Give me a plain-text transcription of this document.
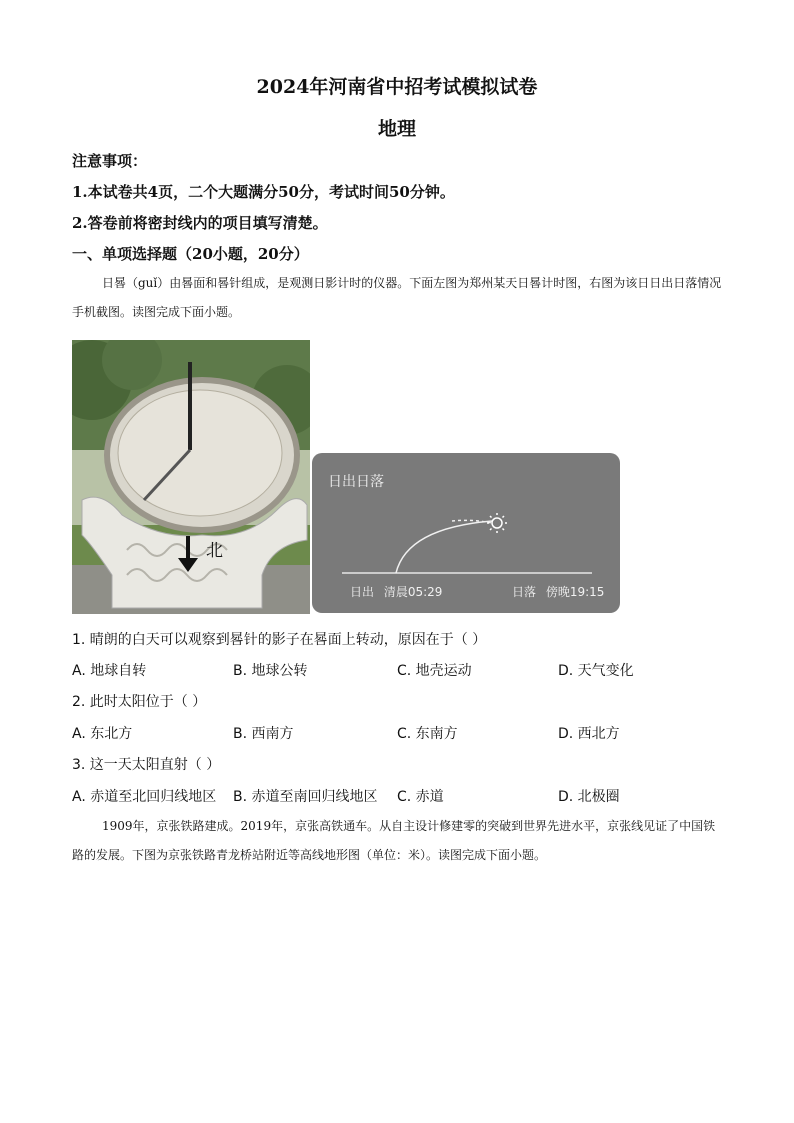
2024年河南省中招考试模拟试卷
地理
注意事项：
1.本试卷共4页，二个大题满分50分，考试时间50分钟。
2.答卷前将密封线内的项目填写清楚。
一、单项选择题（20小题，20分）
日晷（guǐ）由晷面和晷针组成，是观测日影计时的仪器。下面左图为郑州某天日晷计时图，右图为该日日出日落情况手机截图。读图完成下面小题。
北
日出日落
日出 清晨05:29	日落 傍晚19:15
1. 晴朗的白天可以观察到晷针的影子在晷面上转动，原因在于（ ）
A. 地球自转	B. 地球公转	C. 地壳运动	D. 天气变化
2. 此时太阳位于（ ）
A. 东北方	B. 西南方	C. 东南方	D. 西北方
3. 这一天太阳直射（ ）
A. 赤道至北回归线地区 B. 赤道至南回归线地区 C. 赤道	D. 北极圈
1909年，京张铁路建成。2019年，京张高铁通车。从自主设计修建零的突破到世界先进水平，京张线见证了中国铁路的发展。下图为京张铁路青龙桥站附近等高线地形图（单位：米）。读图完成下面小题。
